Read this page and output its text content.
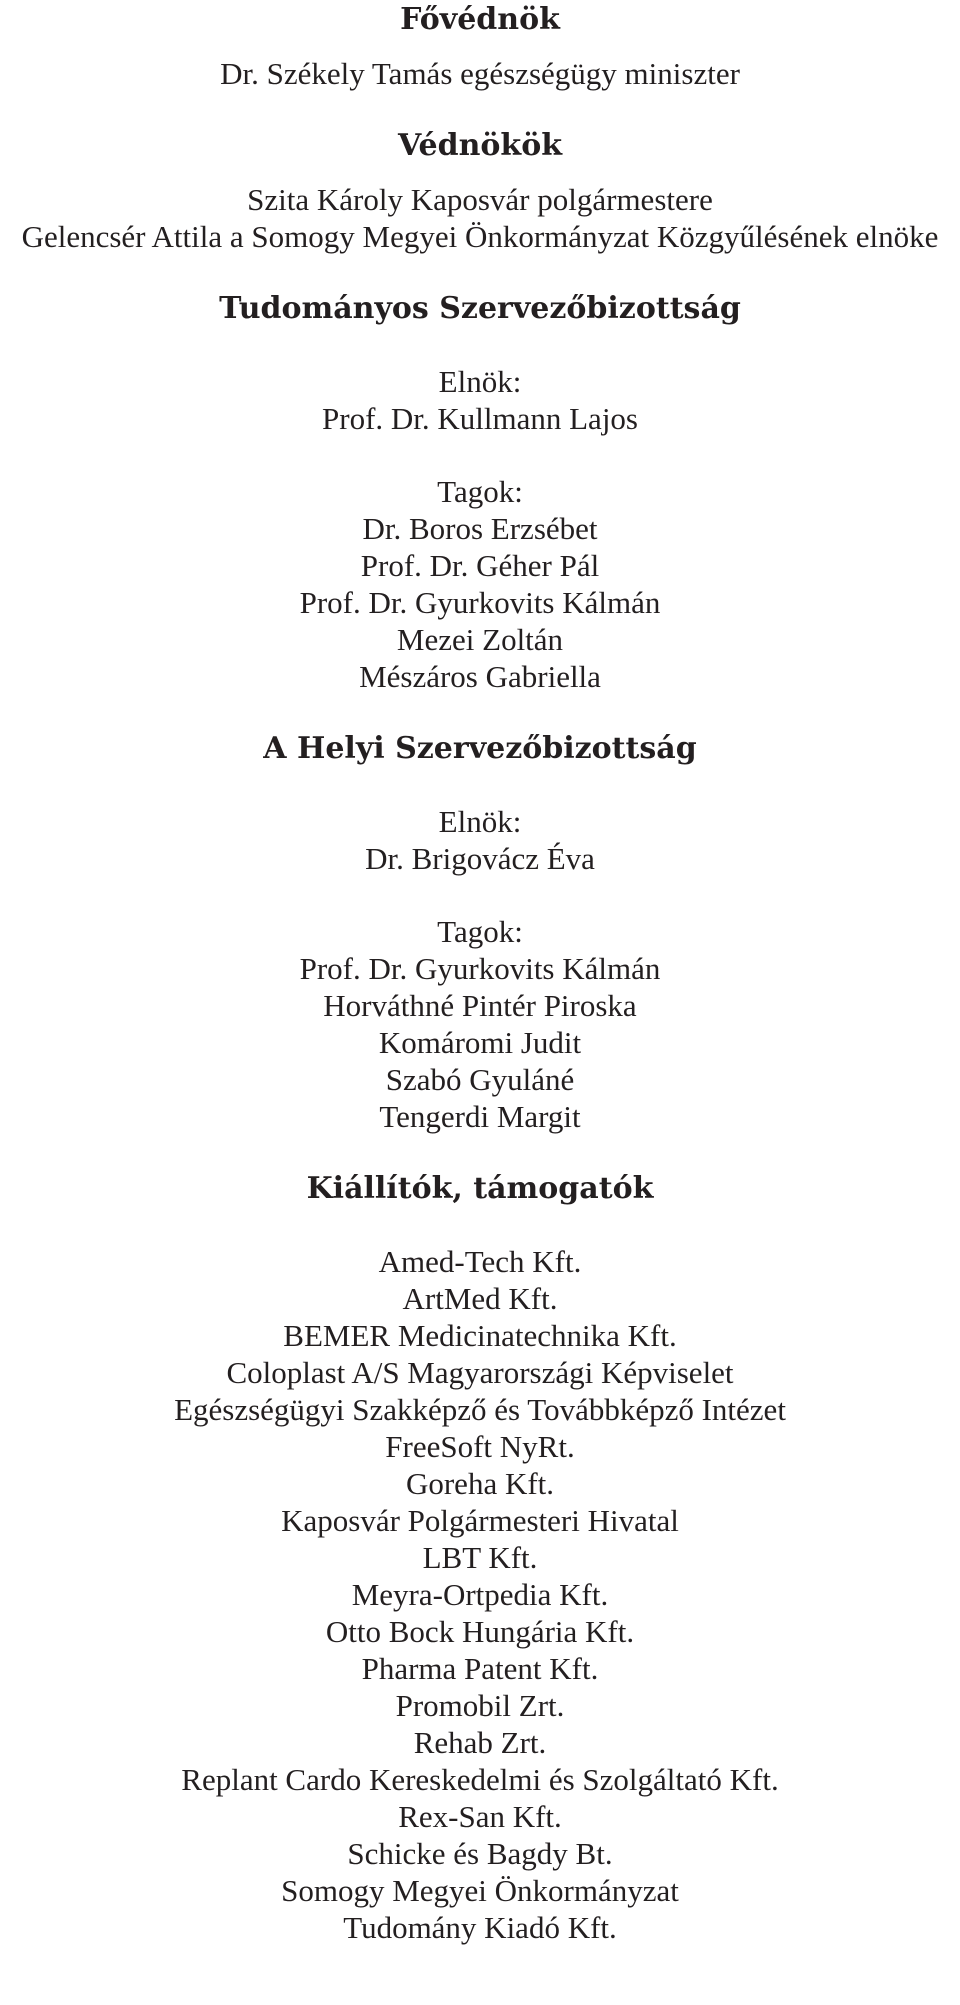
Fővédnök
Dr. Székely Tamás egészségügy miniszter
Védnökök
Szita Károly Kaposvár polgármestere
Gelencsér Attila a Somogy Megyei Önkormányzat Közgyűlésének elnöke
Tudományos Szervezőbizottság
Elnök:
Prof. Dr. Kullmann Lajos
Tagok:
Dr. Boros Erzsébet
Prof. Dr. Géher Pál
Prof. Dr. Gyurkovits Kálmán
Mezei Zoltán
Mészáros Gabriella
A Helyi Szervezőbizottság
Elnök:
Dr. Brigovácz Éva
Tagok:
Prof. Dr. Gyurkovits Kálmán
Horváthné Pintér Piroska
Komáromi Judit
Szabó Gyuláné
Tengerdi Margit
Kiállítók, támogatók
Amed-Tech Kft.
ArtMed Kft.
BEMER Medicinatechnika Kft.
Coloplast A/S Magyarországi Képviselet
Egészségügyi Szakképző és Továbbképző Intézet
FreeSoft NyRt.
Goreha Kft.
Kaposvár Polgármesteri Hivatal
LBT Kft.
Meyra-Ortpedia Kft.
Otto Bock Hungária Kft.
Pharma Patent Kft.
Promobil Zrt.
Rehab Zrt.
Replant Cardo Kereskedelmi és Szolgáltató Kft.
Rex-San Kft.
Schicke és Bagdy Bt.
Somogy Megyei Önkormányzat
Tudomány Kiadó Kft.
